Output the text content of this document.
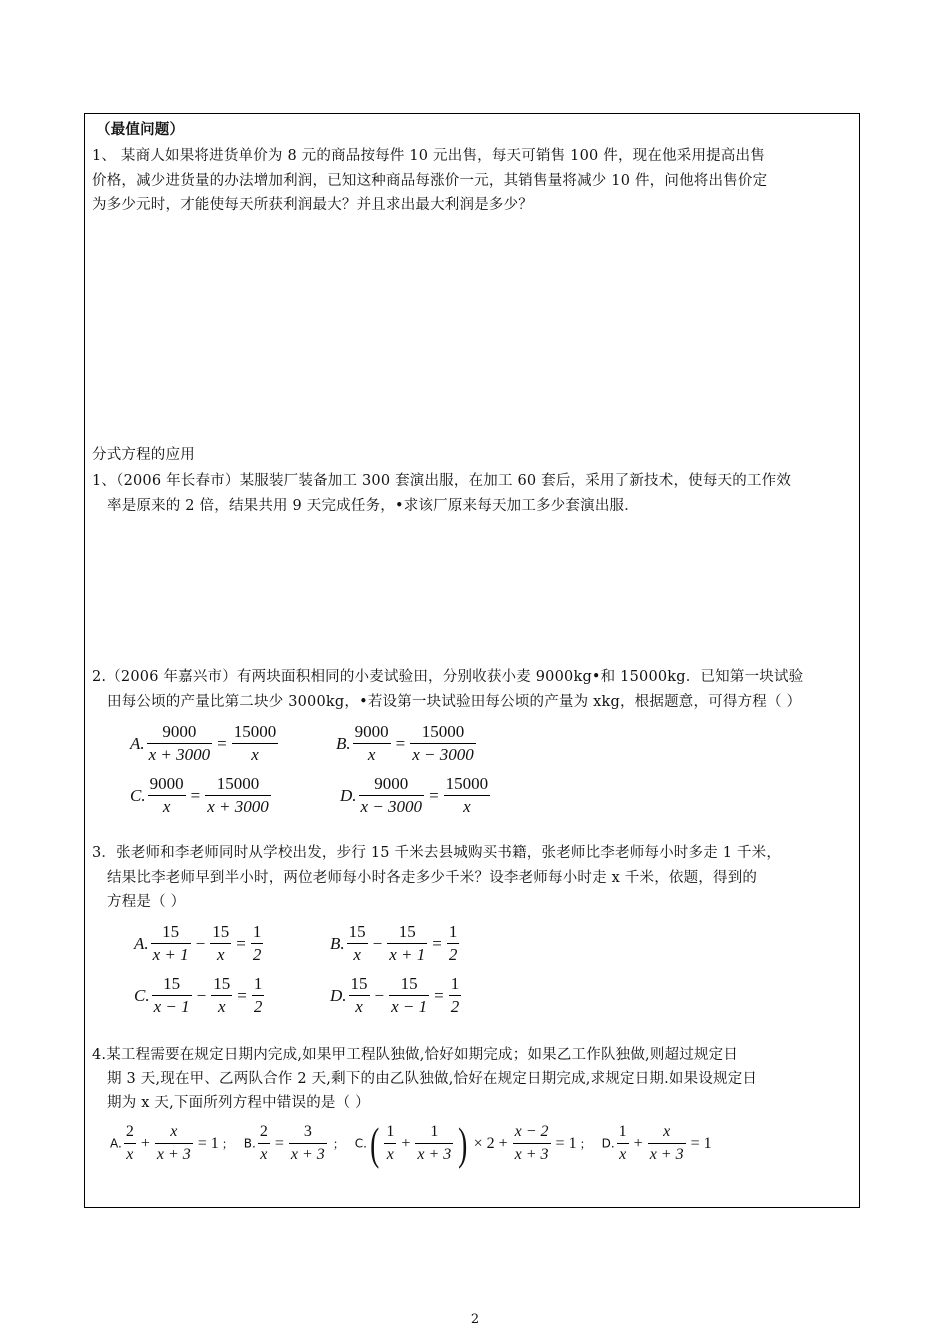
（最值问题）
1、 某商人如果将进货单价为 8 元的商品按每件 10 元出售，每天可销售 100 件，现在他采用提高出售
价格，减少进货量的办法增加利润，已知这种商品每涨价一元，其销售量将减少 10 件，问他将出售价定
为多少元时，才能使每天所获利润最大？并且求出最大利润是多少？
分式方程的应用
1、（2006 年长春市）某服装厂装备加工 300 套演出服，在加工 60 套后，采用了新技术，使每天的工作效
率是原来的 2 倍，结果共用 9 天完成任务，•求该厂原来每天加工多少套演出服．
2.（2006 年嘉兴市）有两块面积相同的小麦试验田，分别收获小麦 9000kg•和 15000kg．已知第一块试验
田每公顷的产量比第二块少 3000kg，•若设第一块试验田每公顷的产量为 xkg，根据题意，可得方程（ ）
A. $\frac{9000}{x + 3000} = \frac{15000}{x}$	B. $\frac{9000}{x} = \frac{15000}{x - 3000}$
C. $\frac{9000}{x} = \frac{15000}{x + 3000}$	D. $\frac{9000}{x - 3000} = \frac{15000}{x}$
3．张老师和李老师同时从学校出发，步行 15 千米去县城购买书籍，张老师比李老师每小时多走 1 千米，
结果比李老师早到半小时，两位老师每小时各走多少千米？设李老师每小时走 x 千米，依题，得到的
方程是（ ）
A. $\frac{15}{x + 1} - \frac{15}{x} = \frac{1}{2}$	B. $\frac{15}{x} - \frac{15}{x + 1} = \frac{1}{2}$
C. $\frac{15}{x - 1} - \frac{15}{x} = \frac{1}{2}$	D. $\frac{15}{x} - \frac{15}{x - 1} = \frac{1}{2}$
4.某工程需要在规定日期内完成,如果甲工程队独做,恰好如期完成；如果乙工作队独做,则超过规定日
期 3 天,现在甲、乙两队合作 2 天,剩下的由乙队独做,恰好在规定日期完成,求规定日期.如果设规定日
期为 x 天,下面所列方程中错误的是（ ）
A. $\frac{2}{x} + \frac{x}{x + 3} = 1$ ； B. $\frac{2}{x} = \frac{3}{x + 3}$ ； $C.( \frac{1}{x} + \frac{1}{x + 3}$ ) × $2 + \frac{x - 2}{x + 3} = 1$ ； D. $\frac{1}{x} + \frac{x}{x + 3} = 1$
2
